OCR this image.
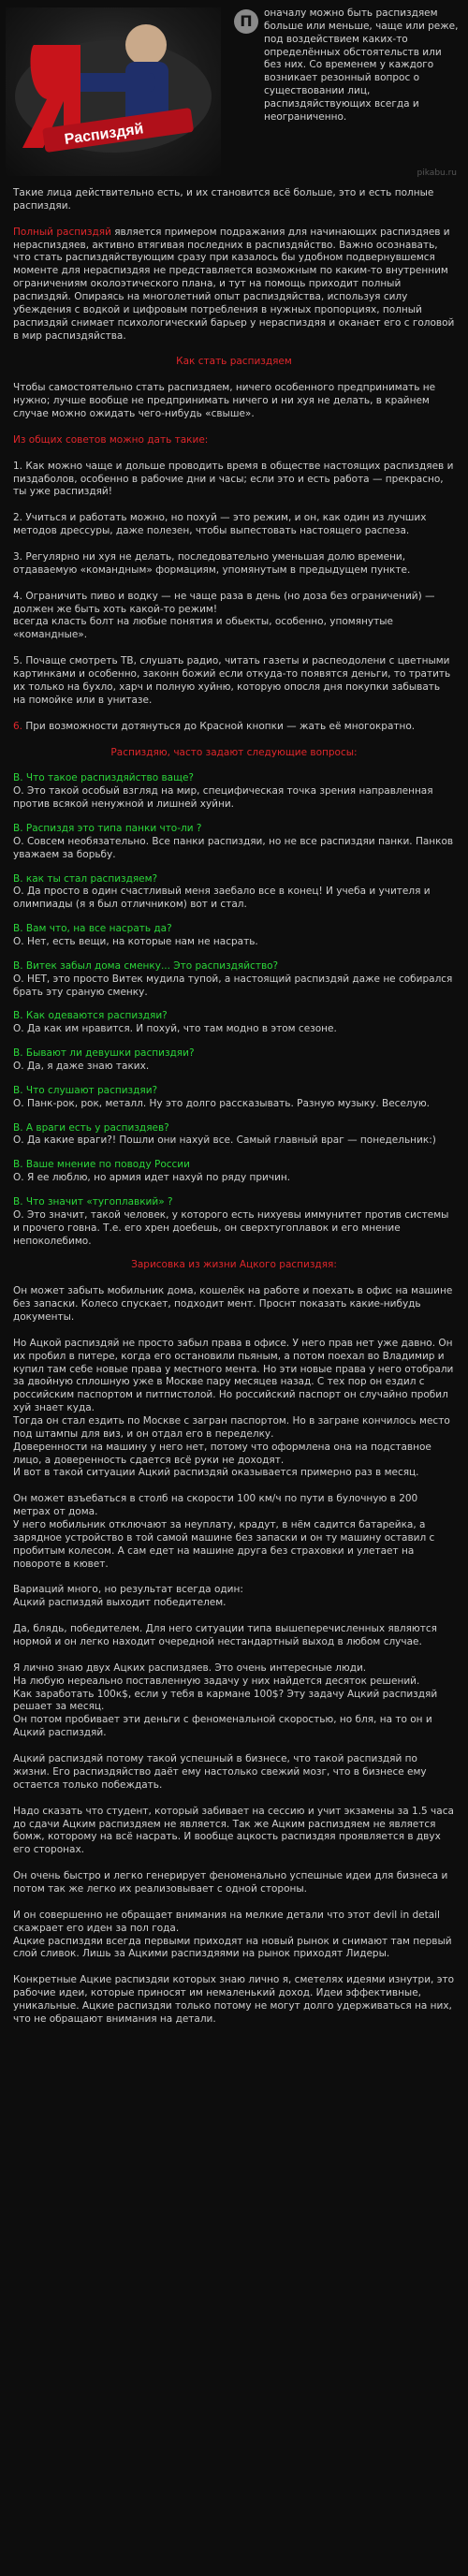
Распиздяй
П	оначалу можно быть распиздяем больше или меньше, чаще или реже, под воздействием каких-то определённых обстоятельств или без них. Со временем у каждого возникает резонный вопрос о существовании лиц, распиздяйствующих всегда и неограниченно.
pikabu.ru

Такие лица действительно есть, и их становится всё больше, это и есть полные распиздяи.

Полный распиздяй является примером подражания для начинающих распиздяев и нераспиздяев, активно втягивая последних в распиздяйство. Важно осознавать, что стать распиздяйствующим сразу при казалось бы удобном подвернувшемся моменте для нераспиздяя не представляется возможным по каким-то внутренним ограничениям околоэтического плана, и тут на помощь приходит полный распиздяй. Опираясь на многолетний опыт распиздяйства, используя силу убеждения с водкой и цифровым потребления в нужных пропорциях, полный распиздяй снимает психологический барьер у нераспиздяя и оканает его с головой в мир распиздяйства.

Как стать распиздяем

Чтобы самостоятельно стать распиздяем, ничего особенного предпринимать не нужно; лучше вообще не предпринимать ничего и ни хуя не делать, в крайнем случае можно ожидать чего-нибудь «свыше».

Из общих советов можно дать такие:

1. Как можно чаще и дольше проводить время в обществе настоящих распиздяев и пиздаболов, особенно в рабочие дни и часы; если это и есть работа — прекрасно, ты уже распиздяй!

2. Учиться и работать можно, но похуй — это режим, и он, как один из лучших методов дрессуры, даже полезен, чтобы выпестовать настоящего распеза.

3. Регулярно ни хуя не делать, последовательно уменьшая долю времени, отдаваемую «командным» формациям, упомянутым в предыдущем пункте.

4. Ограничить пиво и водку — не чаще раза в день (но доза без ограничений) — должен же быть хоть какой-то режим!
всегда класть болт на любые понятия и обьекты, особенно, упомянутые «командные».

5. Почаще смотреть ТВ, слушать радио, читать газеты и распеодолени с цветными картинками и особенно, законн божий если откуда-то появятся деньги, то тратить их только на бухло, харч и полную хуйню, которую опосля дня покупки забывать на помойке или в унитазе.

6. При возможности дотянуться до Красной кнопки — жать её многократно.

Распиздяю, часто задают следующие вопросы:

В. Что такое распиздяйство ваще?
О. Это такой особый взгляд на мир, специфическая точка зрения направленная против всякой ненужной и лишней хуйни.

В. Распиздя это типа панки что-ли ?
О. Совсем необязательно. Все панки распиздяи, но не все распиздяи панки. Панков уважаем за борьбу.

В. как ты стал распиздяем?
О. Да просто в один счастливый меня заебало все в конец! И учеба и учителя и олимпиады (я я был отличником) вот и стал.

В. Вам что, на все насрать да?
О. Нет, есть вещи, на которые нам не насрать.

В. Витек забыл дома сменку... Это распиздяйство?
О. НЕТ, это просто Витек мудила тупой, а настоящий распиздяй даже не собирался брать эту сраную сменку.

В. Как одеваются распиздяи?
О. Да как им нравится. И похуй, что там модно в этом сезоне.

В. Бывают ли девушки распиздяи?
О. Да, я даже знаю таких.

В. Что слушают распиздяи?
О. Панк-рок, рок, металл. Ну это долго рассказывать. Разную музыку. Веселую.

В. А враги есть у распиздяев?
О. Да какие враги?! Пошли они нахуй все. Самый главный враг — понедельник:)

В. Ваше мнение по поводу России
О. Я ее люблю, но армия идет нахуй по ряду причин.

В. Что значит «тугоплавкий» ?
О. Это значит, такой человек, у которого есть нихуевы иммунитет против системы и прочего говна. Т.е. его хрен доебешь, он сверхтугоплавок и его мнение непоколебимо.

Зарисовка из жизни Ацкого распиздяя:

Он может забыть мобильник дома, кошелёк на работе и поехать в офис на машине без запаски. Колесо спускает, подходит мент. Проснт показать какие-нибудь документы.

Но Ацкой распиздяй не просто забыл права в офисе. У него прав нет уже давно. Он их пробил в питере, когда его остановили пьяным, а потом поехал во Владимир и купил там себе новые права у местного мента. Но эти новые права у него отобрали за двойную сплошную уже в Москве пару месяцев назад. С тех пор он ездил с российским паспортом и питпистолой. Но российский паспорт он случайно пробил хуй знает куда.
Тогда он стал ездить по Москве с загран паспортом. Но в загране кончилось место под штампы для виз, и он отдал его в переделку.
Доверенности на машину у него нет, потому что оформлена она на подставное лицо, а доверенность сдается всё руки не доходят.
И вот в такой ситуации Ацкий распиздяй оказывается примерно раз в месяц.

Он может взъебаться в столб на скорости 100 км/ч по пути в булочную в 200 метрах от дома.
У него мобильник отключают за неуплату, крадут, в нём садится батарейка, а зарядное устройство в той самой машине без запаски и он ту машину оставил с пробитым колесом. А сам едет на машине друга без страховки и улетает на повороте в кювет.

Вариаций много, но результат всегда один:
Ацкий распиздяй выходит победителем.

Да, блядь, победителем. Для него ситуации типа вышеперечисленных являются нормой и он легко находит очередной нестандартный выход в любом случае.

Я лично знаю двух Ацких распиздяев. Это очень интересные люди.
На любую нереально поставленную задачу у них найдется десяток решений.
Как заработать 100к$, если у тебя в кармане 100$? Эту задачу Ацкий распиздяй решает за месяц.
Он потом пробивает эти деньги с феноменальной скоростью, но бля, на то он и Ацкий распиздяй.

Ацкий распиздяй потому такой успешный в бизнесе, что такой распиздяй по жизни. Его распиздяйство даёт ему настолько свежий мозг, что в бизнесе ему остается только побеждать.

Надо сказать что студент, который забивает на сессию и учит экзамены за 1.5 часа до сдачи Ацким распиздяем не является. Так же Ацким распиздяем не является бомж, которому на всё насрать. И вообще ацкость распиздяя проявляется в двух его сторонах.

Он очень быстро и легко генерирует феноменально успешные идеи для бизнеса и потом так же легко их реализовывает с одной стороны.

И он совершенно не обращает внимания на мелкие детали что этот devil in detail скажрает его иден за пол года.
Ацкие распиздяи всегда первыми приходят на новый рынок и снимают там первый слой сливок. Лишь за Ацкими распиздяями на рынок приходят Лидеры.

Конкретные Ацкие распиздяи которых знаю лично я, сметелях идеями изнутри, это рабочие идеи, которые приносят им немаленький доход. Идеи эффективные, уникальные. Ацкие распиздяи только потому не могут долго удерживаться на них, что не обращают внимания на детали.
